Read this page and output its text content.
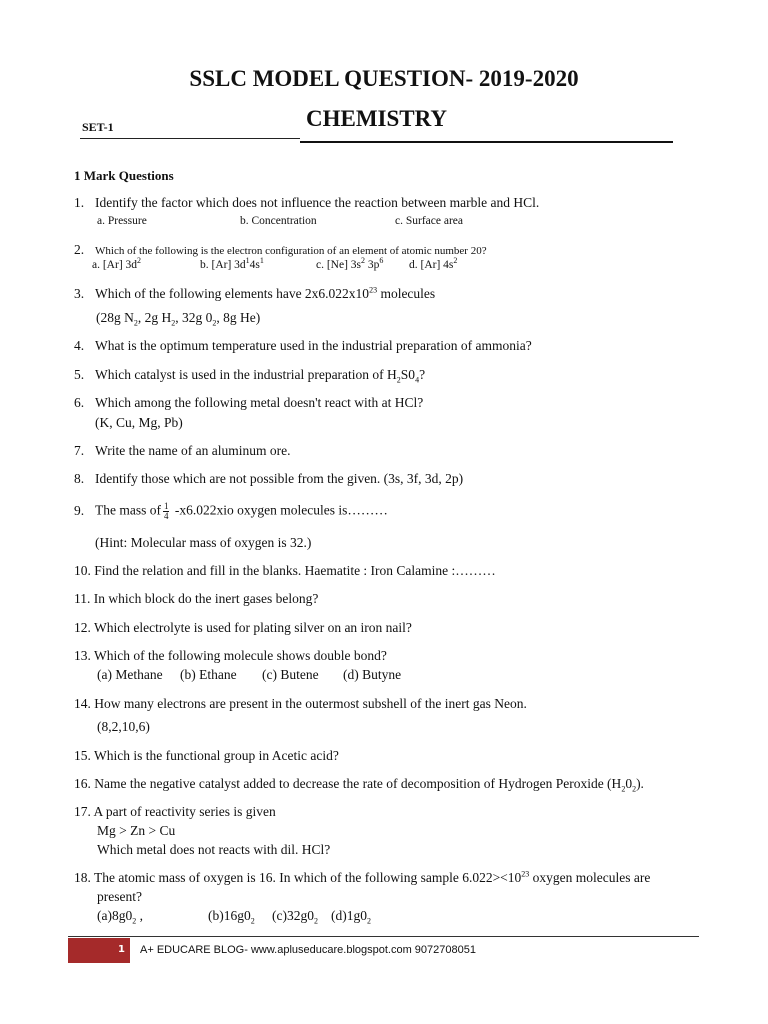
SSLC MODEL QUESTION- 2019-2020
CHEMISTRY
SET-1
1 Mark Questions
1. Identify the factor which does not influence the reaction between marble and HCl.
a. Pressure	b. Concentration	c. Surface area
2. Which of the following is the electron configuration of an element of atomic number 20?
a. [Ar] $3d^2$	b. [Ar] $3d^14s^1$	c. [Ne] $3s^2$ $3p^6$ d. [Ar] $4s^2$
3. Which of the following elements have $2x6.022x10^{23}$ molecules
(28g $N_2$, 2g $H_2$, 32g $0_2$, 8g He)
4. What is the optimum temperature used in the industrial preparation of ammonia?
5. Which catalyst is used in the industrial preparation of $H_2S0_4$?
6. Which among the following metal doesn't react with at HCl?
(K, Cu, Mg, Pb)
7. Write the name of an aluminum ore.
8. Identify those which are not possible from the given. (3s, 3f, 3d, 2p)
9. The mass of $\frac{1}{4} -x6.022xio$ oxygen molecules is………
(Hint: Molecular mass of oxygen is 32.)
10. Find the relation and fill in the blanks. Haematite : Iron Calamine :………
11. In which block do the inert gases belong?
12. Which electrolyte is used for plating silver on an iron nail?
13. Which of the following molecule shows double bond?
(a) Methane (b) Ethane (c) Butene (d) Butyne
14. How many electrons are present in the outermost subshell of the inert gas Neon.
(8,2,10,6)
15. Which is the functional group in Acetic acid?
16. Name the negative catalyst added to decrease the rate of decomposition of Hydrogen Peroxide $(H_20_2)$.
17. A part of reactivity series is given
Mg > Zn > Cu
Which metal does not reacts with dil. HCl?
18. The atomic mass of oxygen is 16. In which of the following sample $6.022><10^{23}$ oxygen molecules are
present?
$(a)8g0_2$ ,	$(b)16g0_2$ $(c)32g0_2$ $(d)1g0_2$
1 A+ EDUCARE BLOG- www.apluseducare.blogspot.com 9072708051
